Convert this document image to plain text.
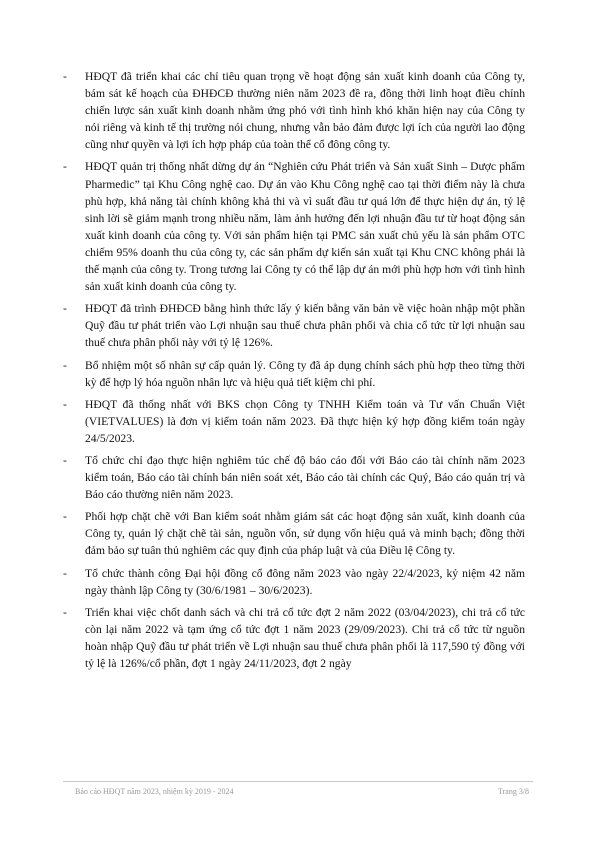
- HĐQT đã triển khai các chỉ tiêu quan trọng về hoạt động sản xuất kinh doanh của Công ty, bám sát kế hoạch của ĐHĐCĐ thường niên năm 2023 đề ra, đồng thời linh hoạt điều chỉnh chiến lược sản xuất kinh doanh nhằm ứng phó với tình hình khó khăn hiện nay của Công ty nói riêng và kinh tế thị trường nói chung, nhưng vẫn bảo đảm được lợi ích của người lao động cũng như quyền và lợi ích hợp pháp của toàn thể cổ đông công ty.
- HĐQT quản trị thống nhất dừng dự án “Nghiên cứu Phát triển và Sản xuất Sinh – Dược phẩm Pharmedic” tại Khu Công nghệ cao. Dự án vào Khu Công nghệ cao tại thời điểm này là chưa phù hợp, khả năng tài chính không khả thi và vì suất đầu tư quá lớn để thực hiện dự án, tỷ lệ sinh lời sẽ giảm mạnh trong nhiều năm, làm ảnh hưởng đến lợi nhuận đầu tư từ hoạt động sản xuất kinh doanh của công ty. Với sản phẩm hiện tại PMC sản xuất chủ yếu là sản phẩm OTC chiếm 95% doanh thu của công ty, các sản phẩm dự kiến sản xuất tại Khu CNC không phải là thế mạnh của công ty. Trong tương lai Công ty có thể lập dự án mới phù hợp hơn với tình hình sản xuất kinh doanh của công ty.
- HĐQT đã trình ĐHĐCĐ bằng hình thức lấy ý kiến bằng văn bản về việc hoàn nhập một phần Quỹ đầu tư phát triển vào Lợi nhuận sau thuế chưa phân phối và chia cổ tức từ lợi nhuận sau thuế chưa phân phối này với tỷ lệ 126%.
- Bổ nhiệm một số nhân sự cấp quản lý. Công ty đã áp dụng chính sách phù hợp theo từng thời kỳ để hợp lý hóa nguồn nhân lực và hiệu quả tiết kiệm chi phí.
- HĐQT đã thống nhất với BKS chọn Công ty TNHH Kiểm toán và Tư vấn Chuẩn Việt (VIETVALUES) là đơn vị kiểm toán năm 2023. Đã thực hiện ký hợp đồng kiểm toán ngày 24/5/2023.
- Tổ chức chỉ đạo thực hiện nghiêm túc chế độ báo cáo đối với Báo cáo tài chính năm 2023 kiểm toán, Báo cáo tài chính bán niên soát xét, Báo cáo tài chính các Quý, Báo cáo quản trị và Báo cáo thường niên năm 2023.
- Phối hợp chặt chẽ với Ban kiểm soát nhằm giám sát các hoạt động sản xuất, kinh doanh của Công ty, quản lý chặt chẽ tài sản, nguồn vốn, sử dụng vốn hiệu quả và minh bạch; đồng thời đảm bảo sự tuân thủ nghiêm các quy định của pháp luật và của Điều lệ Công ty.
- Tổ chức thành công Đại hội đồng cổ đông năm 2023 vào ngày 22/4/2023, kỷ niệm 42 năm ngày thành lập Công ty (30/6/1981 – 30/6/2023).
- Triển khai việc chốt danh sách và chi trả cổ tức đợt 2 năm 2022 (03/04/2023), chi trả cổ tức còn lại năm 2022 và tạm ứng cổ tức đợt 1 năm 2023 (29/09/2023). Chi trả cổ tức từ nguồn hoàn nhập Quỹ đầu tư phát triển về Lợi nhuận sau thuế chưa phân phối là 117,590 tỷ đồng với tỷ lệ là 126%/cổ phần, đợt 1 ngày 24/11/2023, đợt 2 ngày
Báo cáo HĐQT năm 2023, nhiệm kỳ 2019 - 2024	Trang 3/8
